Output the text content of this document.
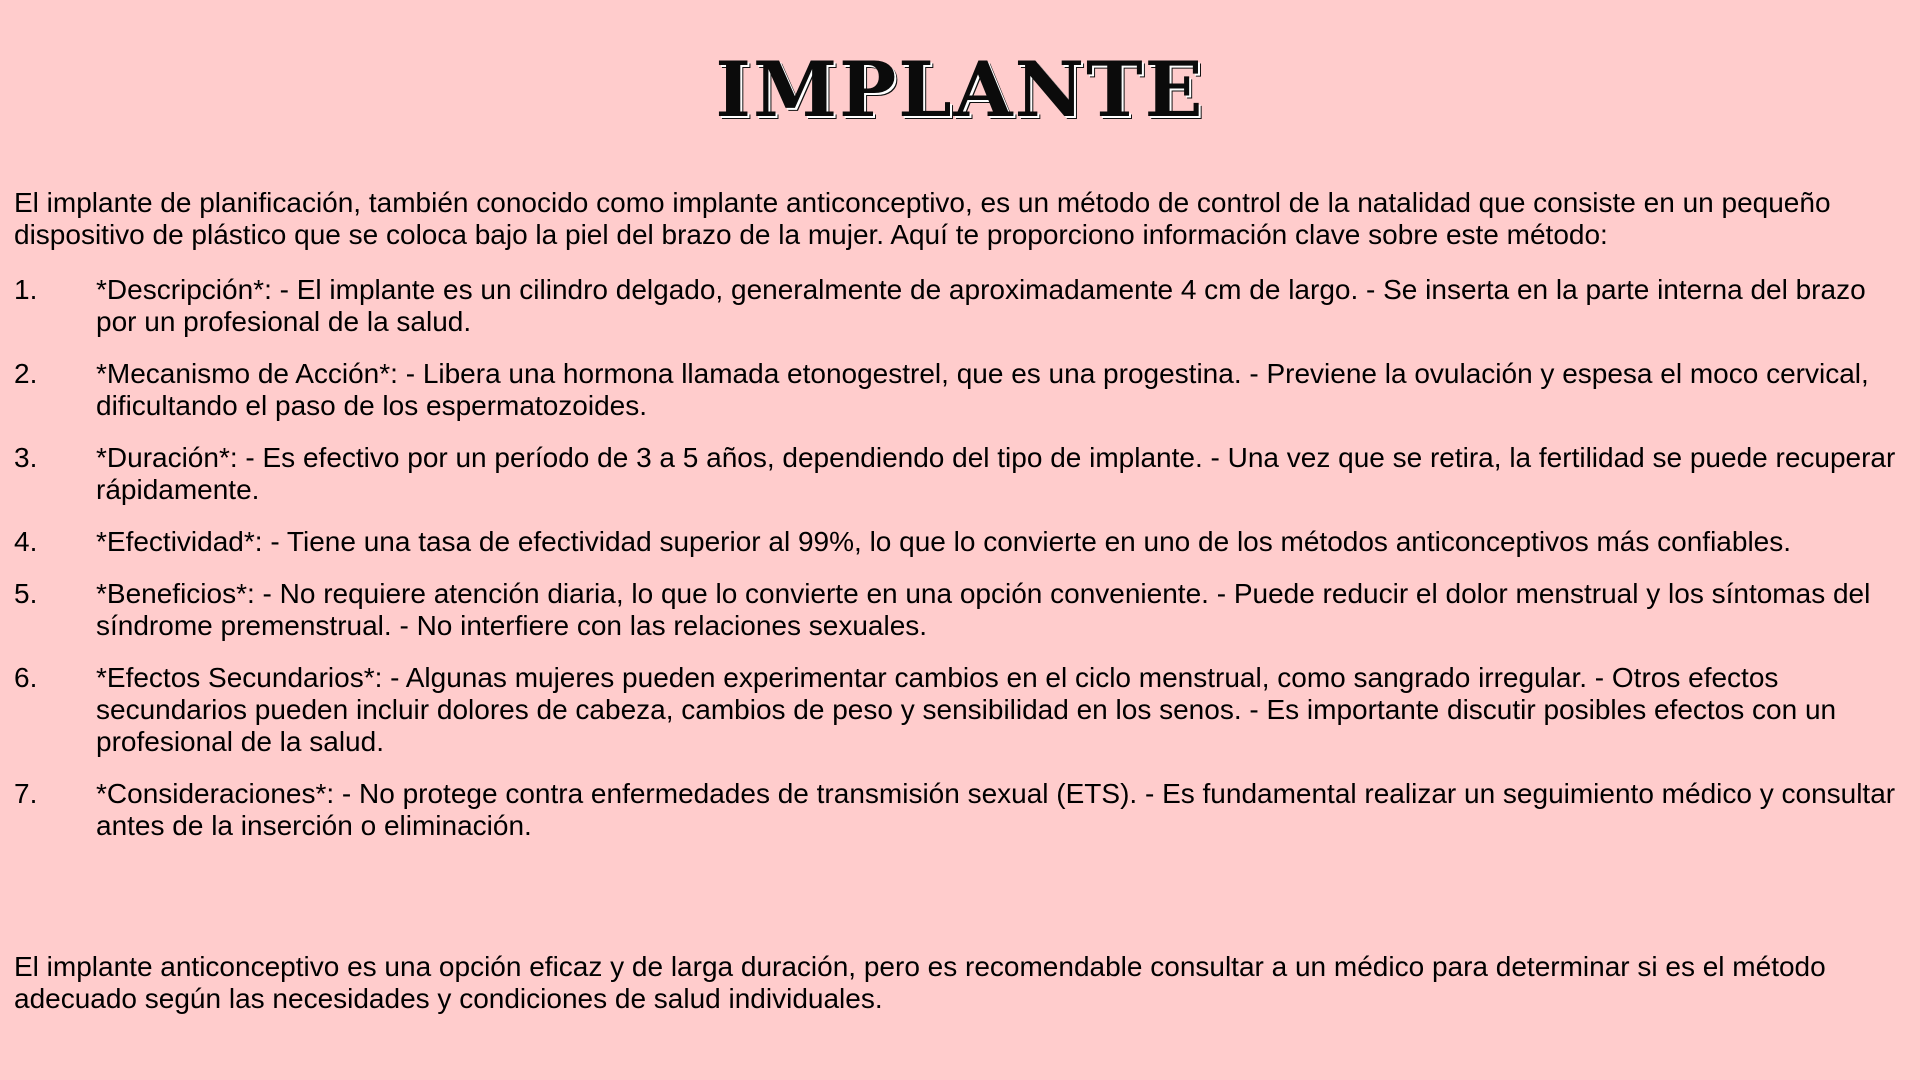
IMPLANTE
El implante de planificación, también conocido como implante anticonceptivo, es un método de control de la natalidad que consiste en un pequeño dispositivo de plástico que se coloca bajo la piel del brazo de la mujer. Aquí te proporciono información clave sobre este método:
1.	*Descripción*: - El implante es un cilindro delgado, generalmente de aproximadamente 4 cm de largo. - Se inserta en la parte interna del brazo por un profesional de la salud.
2.	*Mecanismo de Acción*: - Libera una hormona llamada etonogestrel, que es una progestina. - Previene la ovulación y espesa el moco cervical, dificultando el paso de los espermatozoides.
3.	*Duración*: - Es efectivo por un período de 3 a 5 años, dependiendo del tipo de implante. - Una vez que se retira, la fertilidad se puede recuperar rápidamente.
4.	*Efectividad*: - Tiene una tasa de efectividad superior al 99%, lo que lo convierte en uno de los métodos anticonceptivos más confiables.
5.	*Beneficios*: - No requiere atención diaria, lo que lo convierte en una opción conveniente. - Puede reducir el dolor menstrual y los síntomas del síndrome premenstrual. - No interfiere con las relaciones sexuales.
6.	*Efectos Secundarios*: - Algunas mujeres pueden experimentar cambios en el ciclo menstrual, como sangrado irregular. - Otros efectos secundarios pueden incluir dolores de cabeza, cambios de peso y sensibilidad en los senos. - Es importante discutir posibles efectos con un profesional de la salud.
7.	*Consideraciones*: - No protege contra enfermedades de transmisión sexual (ETS). - Es fundamental realizar un seguimiento médico y consultar antes de la inserción o eliminación.
El implante anticonceptivo es una opción eficaz y de larga duración, pero es recomendable consultar a un médico para determinar si es el método adecuado según las necesidades y condiciones de salud individuales.
